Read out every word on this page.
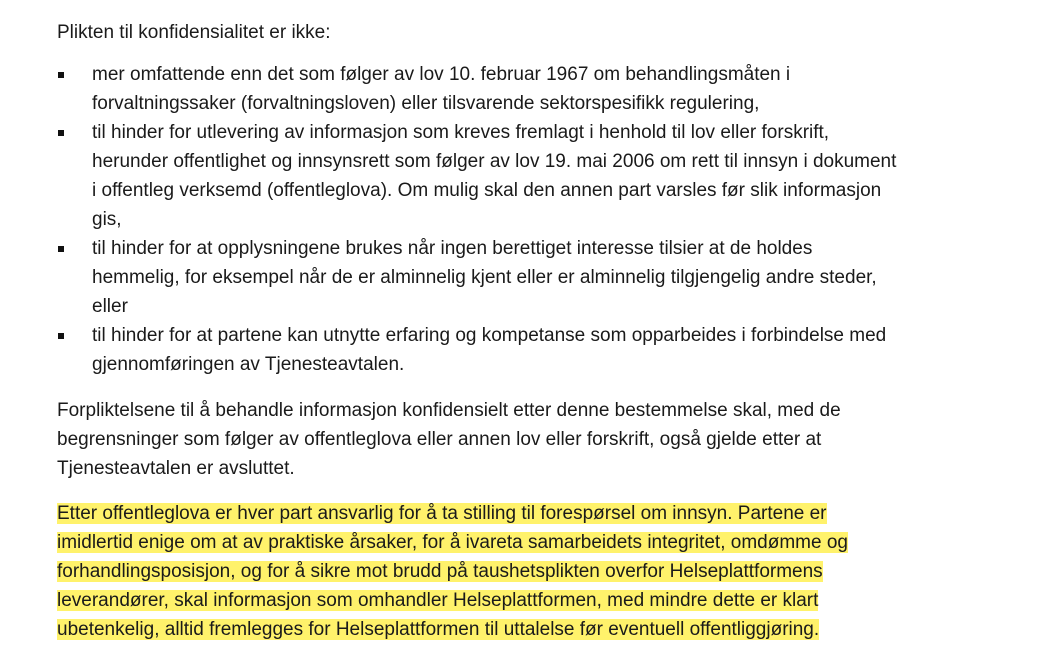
Plikten til konfidensialitet er ikke:
mer omfattende enn det som følger av lov 10. februar 1967 om behandlingsmåten i
forvaltningssaker (forvaltningsloven) eller tilsvarende sektorspesifikk regulering,
til hinder for utlevering av informasjon som kreves fremlagt i henhold til lov eller forskrift,
herunder offentlighet og innsynsrett som følger av lov 19. mai 2006 om rett til innsyn i dokument
i offentleg verksemd (offentleglova). Om mulig skal den annen part varsles før slik informasjon
gis,
til hinder for at opplysningene brukes når ingen berettiget interesse tilsier at de holdes
hemmelig, for eksempel når de er alminnelig kjent eller er alminnelig tilgjengelig andre steder,
eller
til hinder for at partene kan utnytte erfaring og kompetanse som opparbeides i forbindelse med
gjennomføringen av Tjenesteavtalen.
Forpliktelsene til å behandle informasjon konfidensielt etter denne bestemmelse skal, med de
begrensninger som følger av offentleglova eller annen lov eller forskrift, også gjelde etter at
Tjenesteavtalen er avsluttet.
Etter offentleglova er hver part ansvarlig for å ta stilling til forespørsel om innsyn. Partene er
imidlertid enige om at av praktiske årsaker, for å ivareta samarbeidets integritet, omdømme og
forhandlingsposisjon, og for å sikre mot brudd på taushetsplikten overfor Helseplattformens
leverandører, skal informasjon som omhandler Helseplattformen, med mindre dette er klart
ubetenkelig, alltid fremlegges for Helseplattformen til uttalelse før eventuell offentliggjøring.
